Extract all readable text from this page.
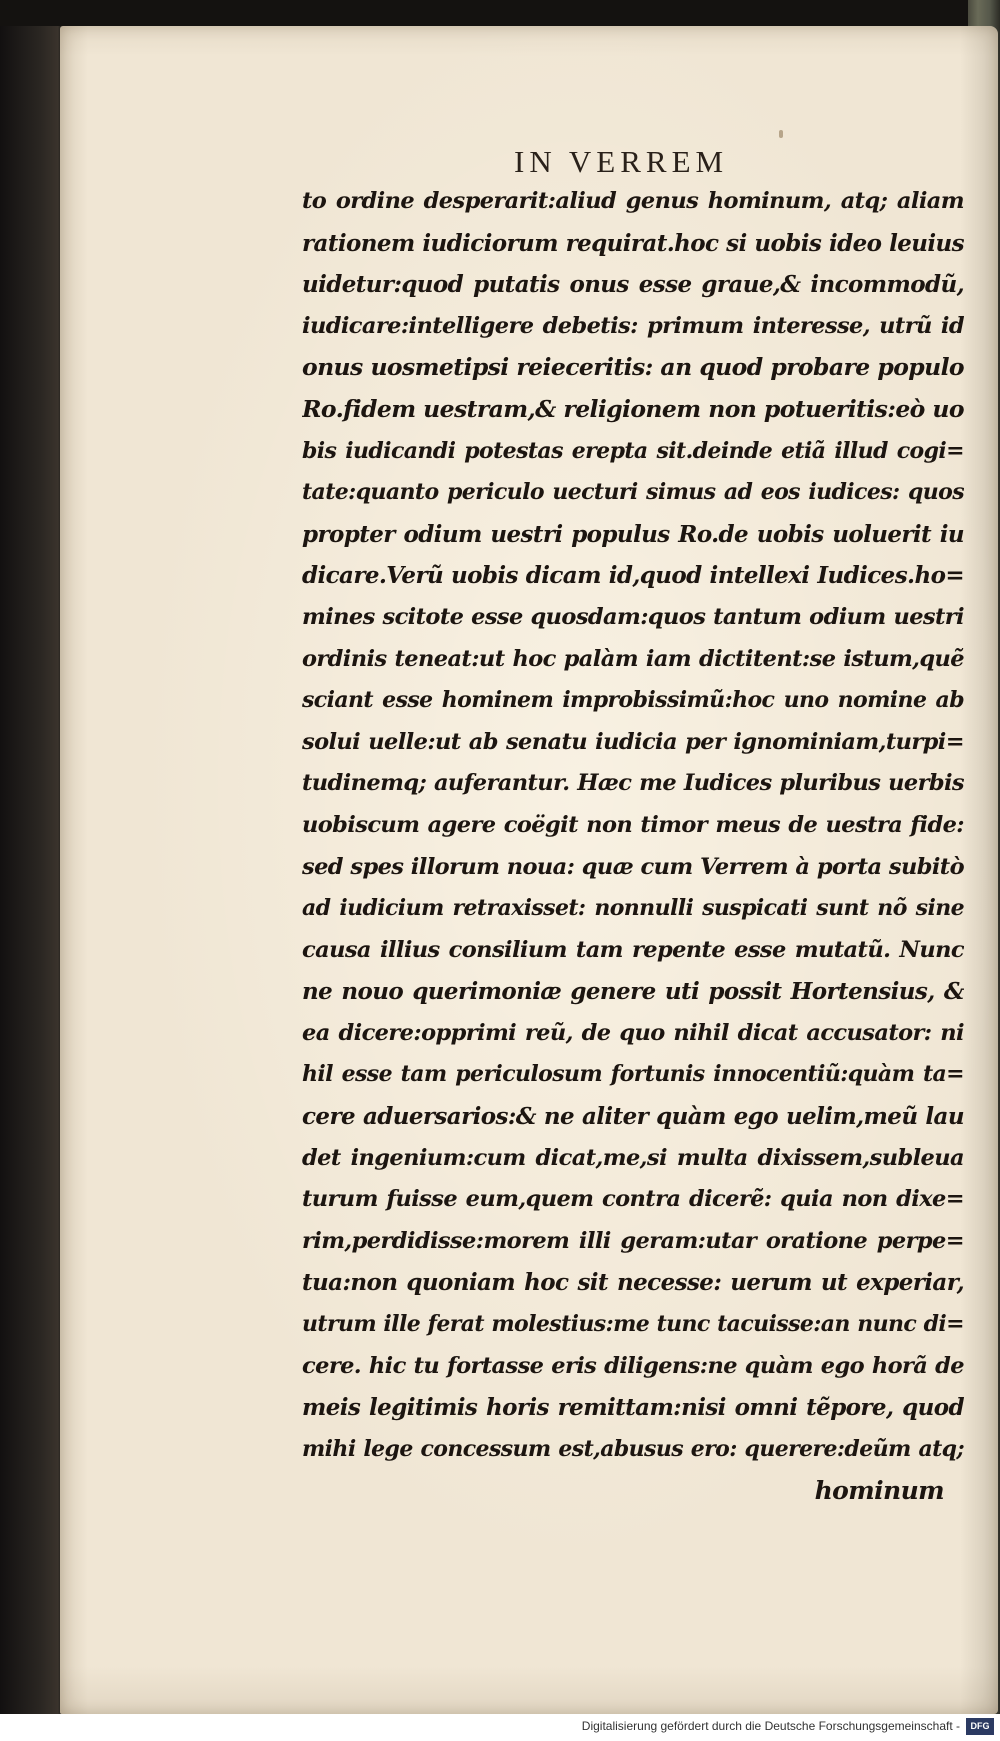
IN VERREM
to ordine desperarit:aliud genus hominum, atq; aliam
rationem iudiciorum requirat.hoc si uobis ideo leuius
uidetur:quod putatis onus esse graue,& incommodũ,
iudicare:intelligere debetis: primum interesse, utrũ id
onus uosmetipsi reieceritis: an quod probare populo
Ro.fidem uestram,& religionem non potueritis:eò uo
bis iudicandi potestas erepta sit.deinde etiã illud cogi=
tate:quanto periculo uecturi simus ad eos iudices: quos
propter odium uestri populus Ro.de uobis uoluerit iu
dicare.Verũ uobis dicam id,quod intellexi Iudices.ho=
mines scitote esse quosdam:quos tantum odium uestri
ordinis teneat:ut hoc palàm iam dictitent:se istum,quẽ
sciant esse hominem improbissimũ:hoc uno nomine ab
solui uelle:ut ab senatu iudicia per ignominiam,turpi=
tudinemq; auferantur. Hæc me Iudices pluribus uerbis
uobiscum agere coëgit non timor meus de uestra fide:
sed spes illorum noua: quæ cum Verrem à porta subitò
ad iudicium retraxisset: nonnulli suspicati sunt nõ sine
causa illius consilium tam repente esse mutatũ. Nunc
ne nouo querimoniæ genere uti possit Hortensius, &
ea dicere:opprimi reũ, de quo nihil dicat accusator: ni
hil esse tam periculosum fortunis innocentiũ:quàm ta=
cere aduersarios:& ne aliter quàm ego uelim,meũ lau
det ingenium:cum dicat,me,si multa dixissem,subleua
turum fuisse eum,quem contra dicerẽ: quia non dixe=
rim,perdidisse:morem illi geram:utar oratione perpe=
tua:non quoniam hoc sit necesse: uerum ut experiar,
utrum ille ferat molestius:me tunc tacuisse:an nunc di=
cere. hic tu fortasse eris diligens:ne quàm ego horã de
meis legitimis horis remittam:nisi omni tẽpore, quod
mihi lege concessum est,abusus ero: querere:deũm atq;
hominum
Digitalisierung gefördert durch die Deutsche Forschungsgemeinschaft -	DFG
